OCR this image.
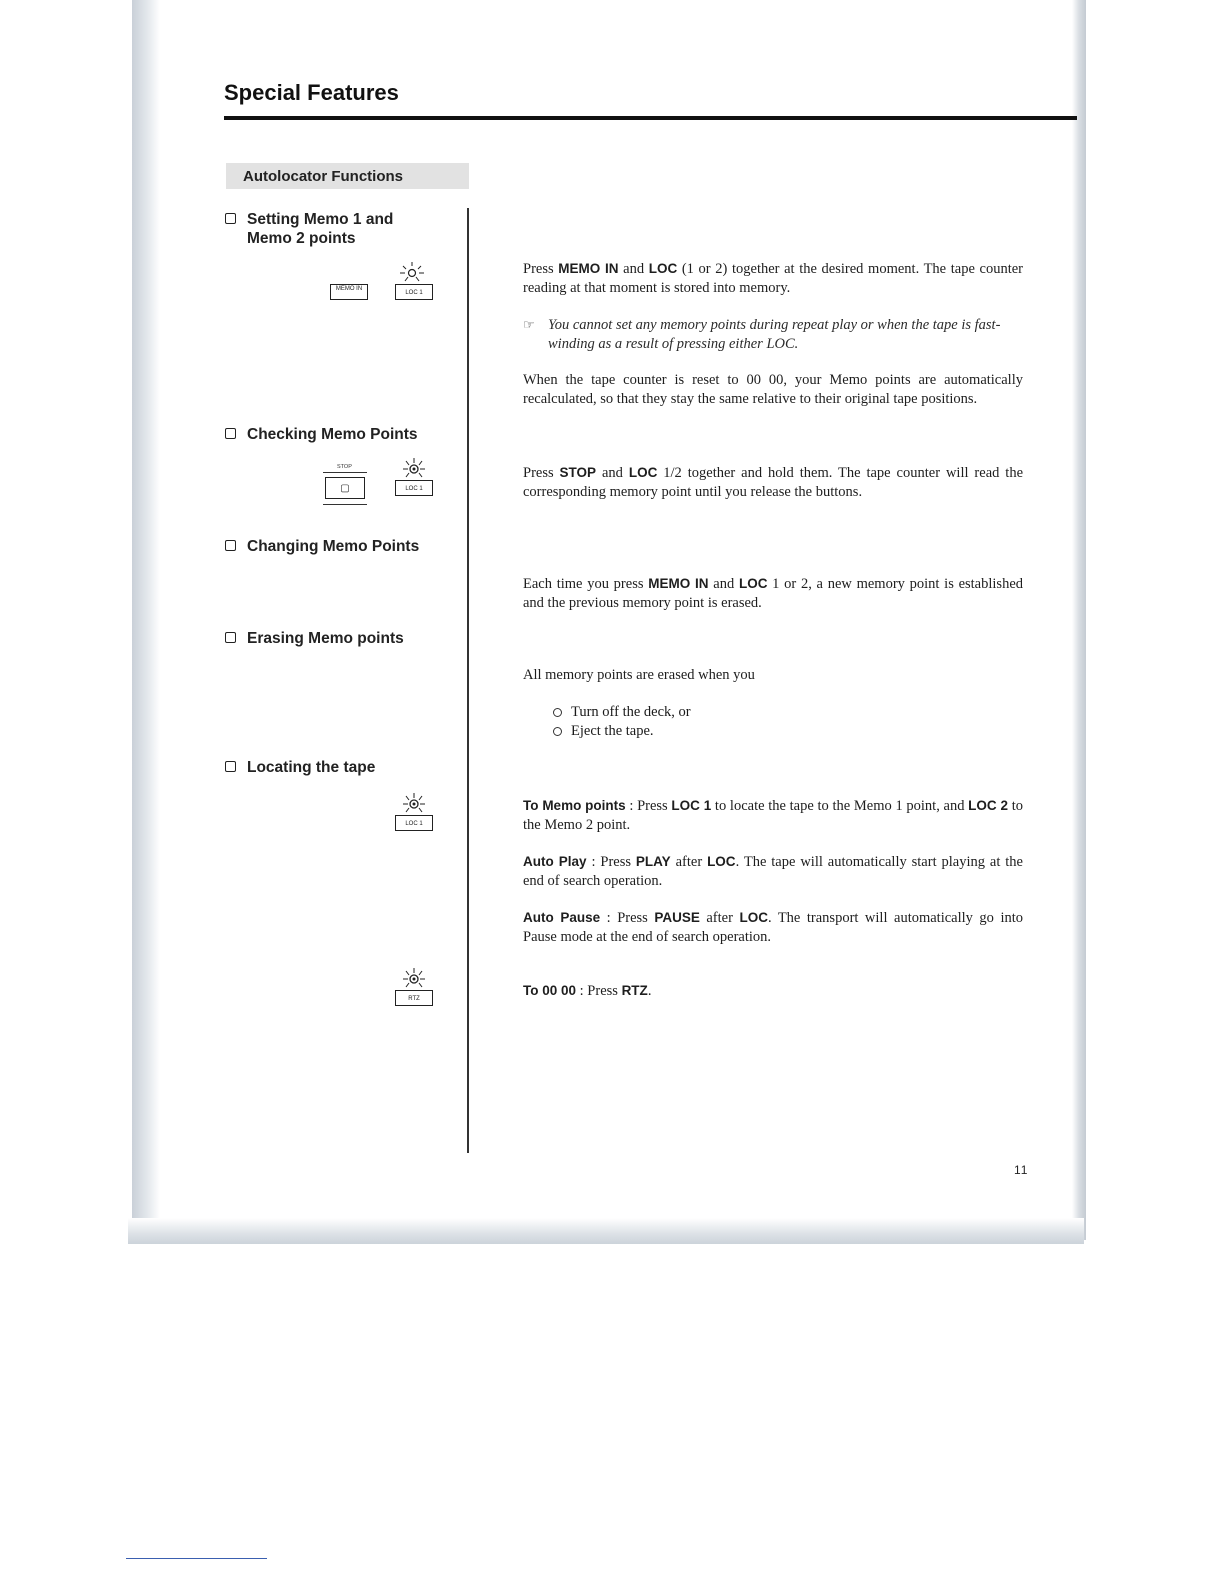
Special Features
Autolocator Functions
Setting Memo 1 and
Memo 2 points
MEMO IN
LOC 1
Press MEMO IN and LOC (1 or 2) together at the desired moment. The tape counter reading at that moment is stored into memory.
☞ You cannot set any memory points during repeat play or when the tape is fast-winding as a result of pressing either LOC.
When the tape counter is reset to 00 00, your Memo points are automatically recalculated, so that they stay the same relative to their original tape positions.
Checking Memo Points
STOP
▢	LOC 1
Press STOP and LOC 1/2 together and hold them. The tape counter will read the corresponding memory point until you release the buttons.
Changing Memo Points
Each time you press MEMO IN and LOC 1 or 2, a new memory point is established and the previous memory point is erased.
Erasing Memo points
All memory points are erased when you
Turn off the deck, or
Eject the tape.
Locating the tape
LOC 1
To Memo points : Press LOC 1 to locate the tape to the Memo 1 point, and LOC 2 to the Memo 2 point.
Auto Play : Press PLAY after LOC. The tape will automatically start playing at the end of search operation.
Auto Pause : Press PAUSE after LOC. The transport will automatically go into Pause mode at the end of search operation.
RTZ
To 00 00 : Press RTZ.
11
